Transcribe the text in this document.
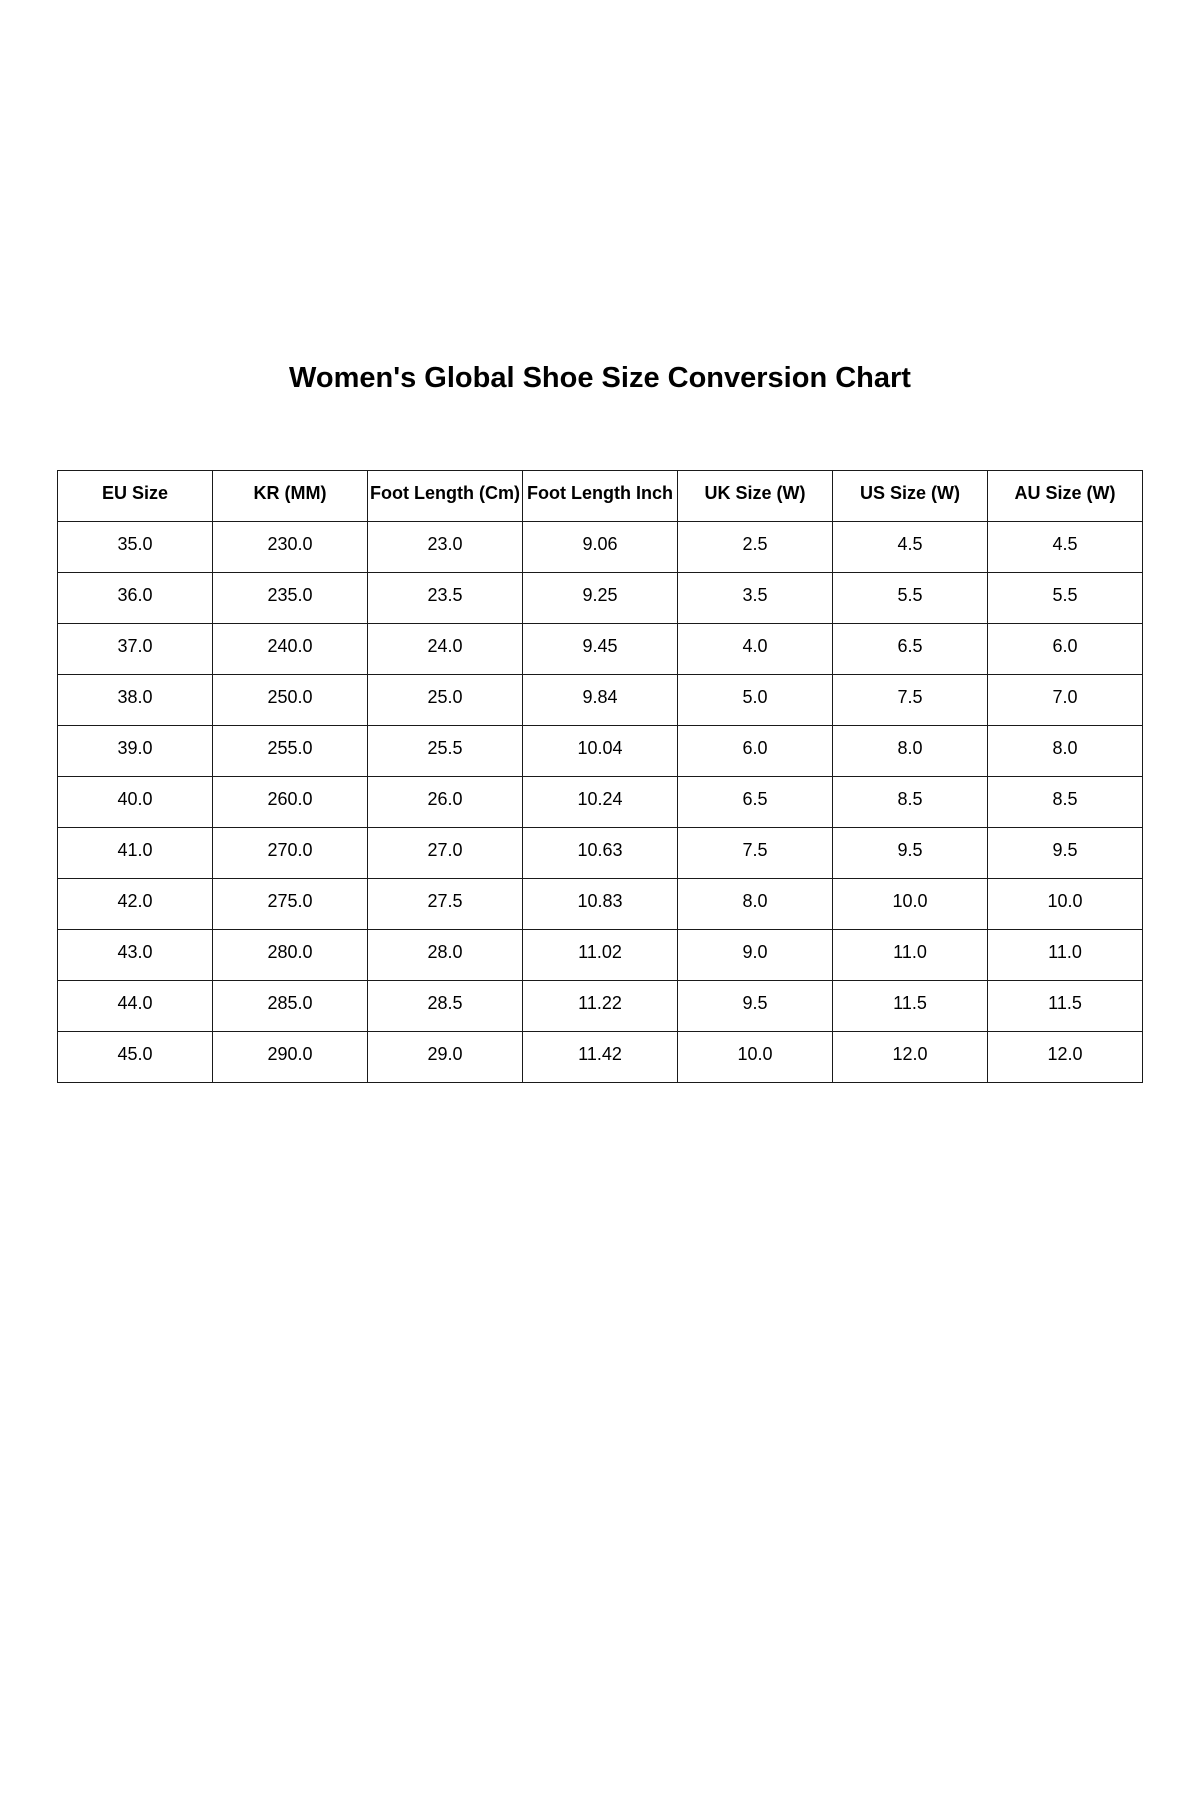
Women's Global Shoe Size Conversion Chart
EU Size	KR (MM)	Foot Length (Cm)	Foot Length Inch	UK Size (W)	US Size (W)	AU Size (W)
35.0	230.0	23.0	9.06	2.5	4.5	4.5
36.0	235.0	23.5	9.25	3.5	5.5	5.5
37.0	240.0	24.0	9.45	4.0	6.5	6.0
38.0	250.0	25.0	9.84	5.0	7.5	7.0
39.0	255.0	25.5	10.04	6.0	8.0	8.0
40.0	260.0	26.0	10.24	6.5	8.5	8.5
41.0	270.0	27.0	10.63	7.5	9.5	9.5
42.0	275.0	27.5	10.83	8.0	10.0	10.0
43.0	280.0	28.0	11.02	9.0	11.0	11.0
44.0	285.0	28.5	11.22	9.5	11.5	11.5
45.0	290.0	29.0	11.42	10.0	12.0	12.0
